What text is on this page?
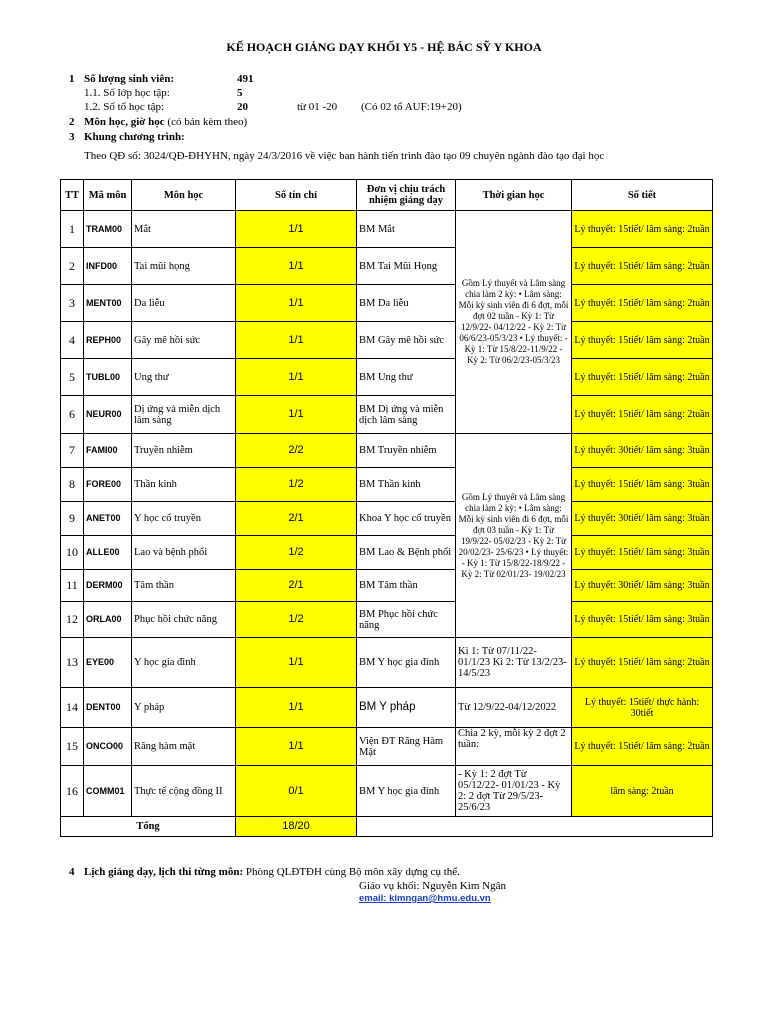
KẾ HOẠCH GIẢNG DẠY KHỐI Y5 - HỆ BÁC SỸ Y KHOA
1 Số lượng sinh viên:	491
1.1. Số lớp học tập:	5
1.2. Số tổ học tập:	20	từ 01 -20 (Có 02 tổ AUF:19+20)
2 Môn học, giờ học (có bản kèm theo)
3 Khung chương trình:
Theo QĐ số: 3024/QĐ-ĐHYHN, ngày 24/3/2016 về việc ban hành tiến trình đào tạo 09 chuyên ngành đào tạo đại học
TT	Mã môn	Môn học	Số tín chỉ	Đơn vị chịu trách nhiệm giảng dạy	Thời gian học	Số tiết
1	TRAM00	Mắt	1/1	BM Mắt	Gồm Lý thuyết và Lâm sàng chia làm 2 kỳ: • Lâm sàng: Mỗi kỳ sinh viên đi 6 đợt, mỗi đợt 02 tuần - Kỳ 1: Từ 12/9/22- 04/12/22 - Kỳ 2: Từ 06/6/23-05/3/23 • Lý thuyết: - Kỳ 1: Từ 15/8/22-11/9/22 - Kỳ 2: Từ 06/2/23-05/3/23	Lý thuyết: 15tiết/ lâm sàng: 2tuần
2	INFD00	Tai mũi họng	1/1	BM Tai Mũi Họng		Lý thuyết: 15tiết/ lâm sàng: 2tuần
3	MENT00	Da liễu	1/1	BM Da liễu		Lý thuyết: 15tiết/ lâm sàng: 2tuần
4	REPH00	Gây mê hồi sức	1/1	BM Gây mê hồi sức		Lý thuyết: 15tiết/ lâm sàng: 2tuần
5	TUBL00	Ung thư	1/1	BM Ung thư		Lý thuyết: 15tiết/ lâm sàng: 2tuần
6	NEUR00	Dị ứng và miễn dịch lâm sàng	1/1	BM Dị ứng và miễn dịch lâm sàng		Lý thuyết: 15tiết/ lâm sàng: 2tuần
7	FAMI00	Truyền nhiễm	2/2	BM Truyền nhiễm	Gồm Lý thuyết và Lâm sàng chia làm 2 kỳ: • Lâm sàng: Mỗi kỳ sinh viên đi 6 đợt, mỗi đợt 03 tuần - Kỳ 1: Từ 19/9/22- 05/02/23 - Kỳ 2: Từ 20/02/23- 25/6/23 • Lý thuyết: - Kỳ 1: Từ 15/8/22-18/9/22 - Kỳ 2: Từ 02/01/23- 19/02/23	Lý thuyết: 30tiết/ lâm sàng: 3tuần
8	FORE00	Thần kinh	1/2	BM Thần kinh		Lý thuyết: 15tiết/ lâm sàng: 3tuần
9	ANET00	Y học cổ truyền	2/1	Khoa Y học cổ truyền		Lý thuyết: 30tiết/ lâm sàng: 3tuần
10	ALLE00	Lao và bệnh phổi	1/2	BM Lao & Bệnh phổi		Lý thuyết: 15tiết/ lâm sàng: 3tuần
11	DERM00	Tâm thần	2/1	BM Tâm thần		Lý thuyết: 30tiết/ lâm sàng: 3tuần
12	ORLA00	Phục hồi chức năng	1/2	BM Phục hồi chức năng		Lý thuyết: 15tiết/ lâm sàng: 3tuần
13	EYE00	Y học gia đình	1/1	BM Y học gia đình	Kì 1: Từ 07/11/22- 01/1/23 Kì 2: Từ 13/2/23- 14/5/23	Lý thuyết: 15tiết/ lâm sàng: 2tuần
14	DENT00	Y pháp	1/1	BM Y pháp	Từ 12/9/22-04/12/2022	Lý thuyết: 15tiết/ thực hành: 30tiết
15	ONCO00	Răng hàm mặt	1/1	Viện ĐT Răng Hàm Mặt	Chia 2 kỳ, mỗi kỳ 2 đợt 2 tuần:	Lý thuyết: 15tiết/ lâm sàng: 2tuần
16	COMM01	Thực tế cộng đồng II	0/1	BM Y học gia đình	- Kỳ 1: 2 đợt Từ 05/12/22- 01/01/23 - Kỳ 2: 2 đợt Từ 29/5/23- 25/6/23	lâm sàng: 2tuần
Tổng			18/20			
4 Lịch giảng dạy, lịch thi từng môn: Phòng QLĐTĐH cùng Bộ môn xây dựng cụ thể.
Giáo vụ khối: Nguyễn Kim Ngân
email: kimngan@hmu.edu.vn
